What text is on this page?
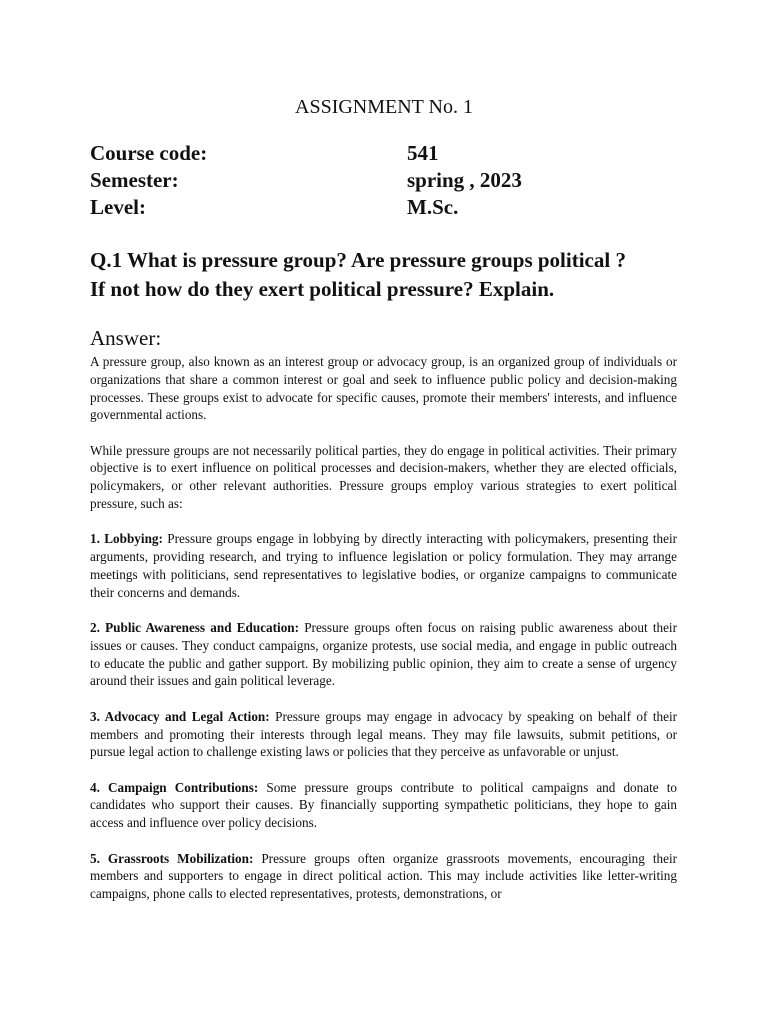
ASSIGNMENT No. 1
Course code:	541
Semester:	spring , 2023
Level:	M.Sc.
Q.1 What is pressure group? Are pressure groups political ?
If not how do they exert political pressure? Explain.
Answer:

A pressure group, also known as an interest group or advocacy group, is an organized group of individuals or organizations that share a common interest or goal and seek to influence public policy and decision-making processes. These groups exist to advocate for specific causes, promote their members' interests, and influence governmental actions.

While pressure groups are not necessarily political parties, they do engage in political activities. Their primary objective is to exert influence on political processes and decision-makers, whether they are elected officials, policymakers, or other relevant authorities. Pressure groups employ various strategies to exert political pressure, such as:

1. Lobbying: Pressure groups engage in lobbying by directly interacting with policymakers, presenting their arguments, providing research, and trying to influence legislation or policy formulation. They may arrange meetings with politicians, send representatives to legislative bodies, or organize campaigns to communicate their concerns and demands.

2. Public Awareness and Education: Pressure groups often focus on raising public awareness about their issues or causes. They conduct campaigns, organize protests, use social media, and engage in public outreach to educate the public and gather support. By mobilizing public opinion, they aim to create a sense of urgency around their issues and gain political leverage.

3. Advocacy and Legal Action: Pressure groups may engage in advocacy by speaking on behalf of their members and promoting their interests through legal means. They may file lawsuits, submit petitions, or pursue legal action to challenge existing laws or policies that they perceive as unfavorable or unjust.

4. Campaign Contributions: Some pressure groups contribute to political campaigns and donate to candidates who support their causes. By financially supporting sympathetic politicians, they hope to gain access and influence over policy decisions.

5. Grassroots Mobilization: Pressure groups often organize grassroots movements, encouraging their members and supporters to engage in direct political action. This may include activities like letter-writing campaigns, phone calls to elected representatives, protests, demonstrations, or
